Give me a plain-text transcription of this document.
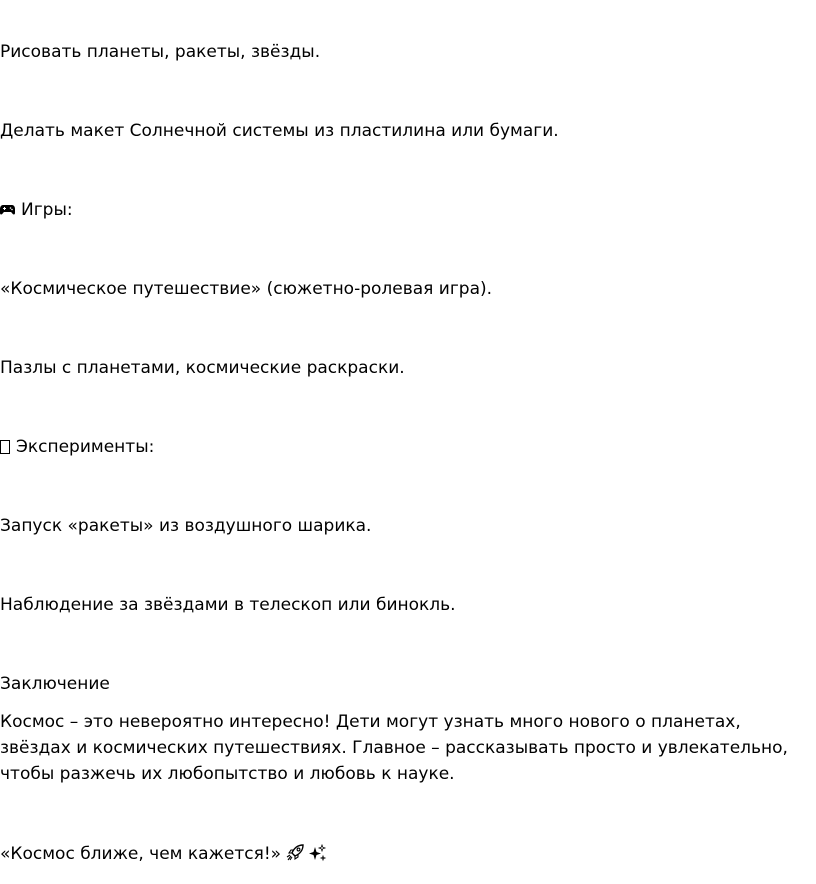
Рисовать планеты, ракеты, звёзды.

Делать макет Солнечной системы из пластилина или бумаги.

Игры:

«Космическое путешествие» (сюжетно-ролевая игра).

Пазлы с планетами, космические раскраски.

Эксперименты:

Запуск «ракеты» из воздушного шарика.

Наблюдение за звёздами в телескоп или бинокль.

Заключение

Космос – это невероятно интересно! Дети могут узнать много нового о планетах, звёздах и космических путешествиях. Главное – рассказывать просто и увлекательно, чтобы разжечь их любопытство и любовь к науке.

«Космос ближе, чем кажется!»
